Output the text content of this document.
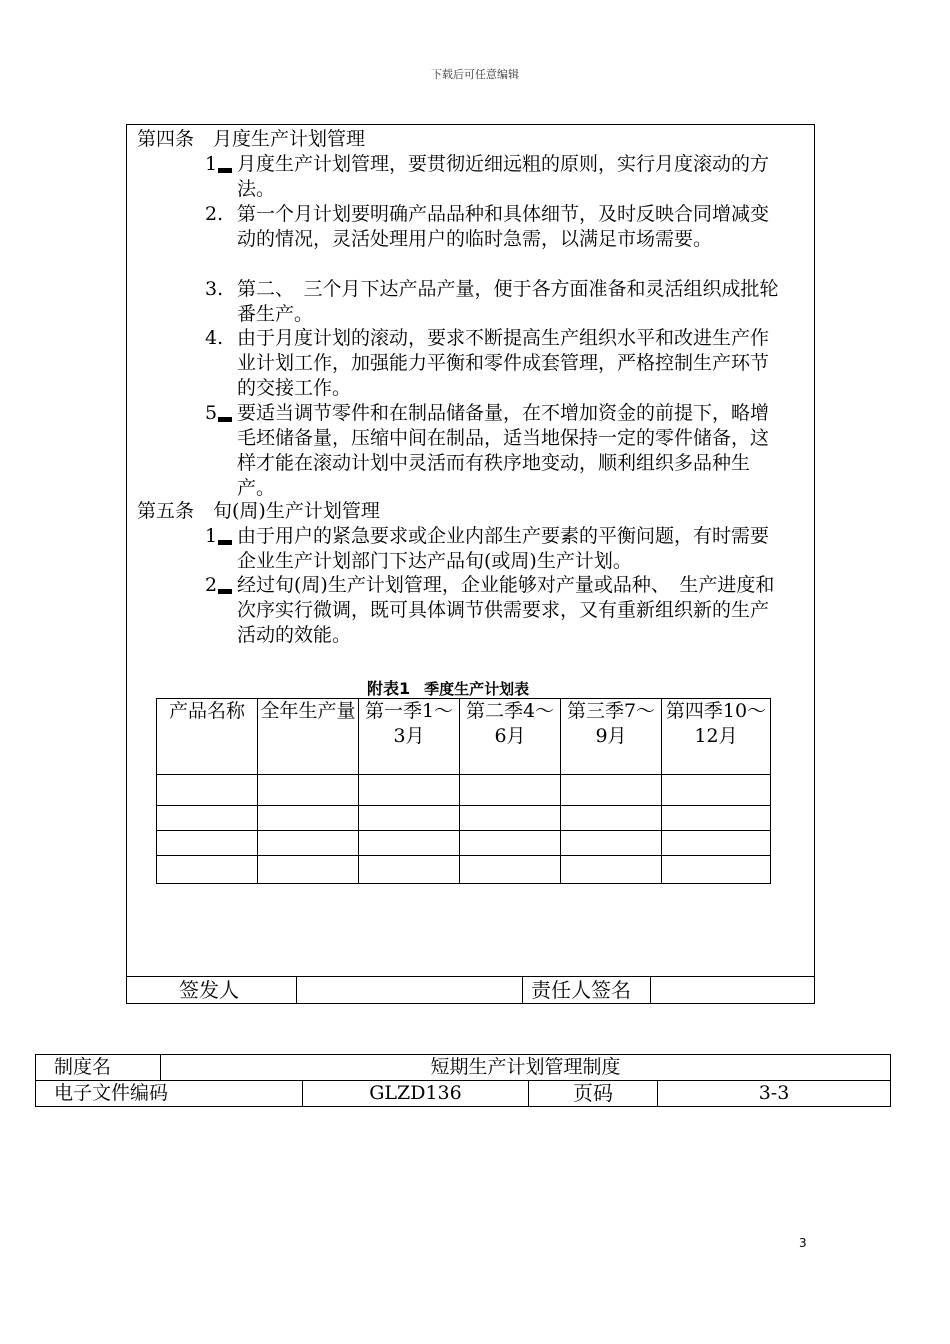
下载后可任意编辑
第四条　月度生产计划管理
1	月度生产计划管理，要贯彻近细远粗的原则，实行月度滚动的方法。
2. 第一个月计划要明确产品品种和具体细节，及时反映合同增减变动的情况，灵活处理用户的临时急需，以满足市场需要。
3. 第二、　三个月下达产品产量，便于各方面准备和灵活组织成批轮番生产。
4. 由于月度计划的滚动，要求不断提高生产组织水平和改进生产作业计划工作，加强能力平衡和零件成套管理，严格控制生产环节的交接工作。
5	要适当调节零件和在制品储备量，在不增加资金的前提下，略增毛坯储备量，压缩中间在制品，适当地保持一定的零件储备，这样才能在滚动计划中灵活而有秩序地变动，顺利组织多品种生产。
第五条　旬(周)生产计划管理
1	由于用户的紧急要求或企业内部生产要素的平衡问题，有时需要企业生产计划部门下达产品旬(或周)生产计划。
2	经过旬(周)生产计划管理，企业能够对产量或品种、　生产进度和次序实行微调，既可具体调节供需要求，又有重新组织新的生产活动的效能。
附表1 季度生产计划表
产品名称	全年生产量	第一季1～3月	第二季4～6月	第三季7～9月	第四季10～12月

签发人	责任人签名
制度名	短期生产计划管理制度		
电子文件编码		GLZD136	页码 3-3
3
